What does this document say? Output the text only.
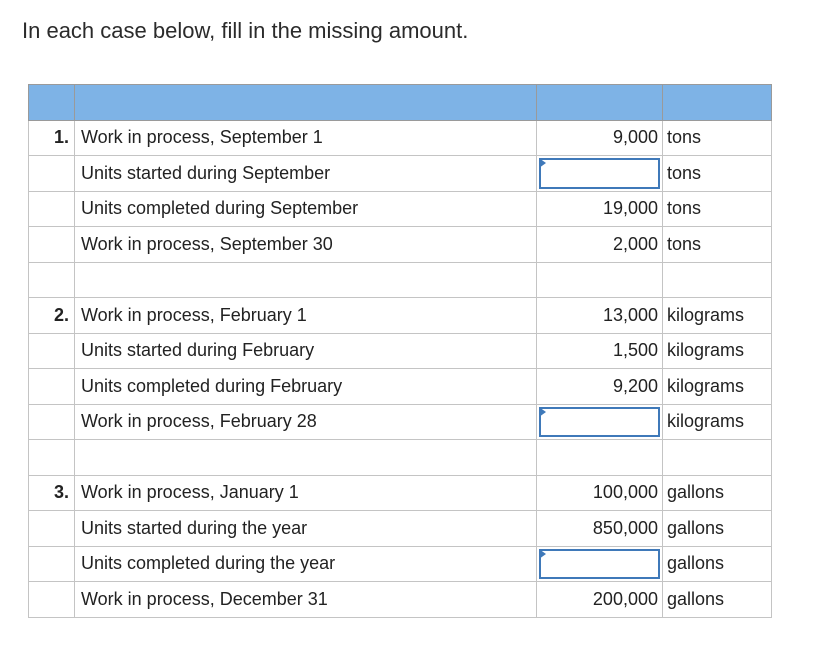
In each case below, fill in the missing amount.

1.	Work in process, September 1	9,000	tons
	Units started during September		tons
	Units completed during September	19,000	tons
	Work in process, September 30	2,000	tons

2.	Work in process, February 1	13,000	kilograms
	Units started during February	1,500	kilograms
	Units completed during February	9,200	kilograms
	Work in process, February 28		kilograms

3.	Work in process, January 1	100,000	gallons
	Units started during the year	850,000	gallons
	Units completed during the year		gallons
	Work in process, December 31	200,000	gallons
